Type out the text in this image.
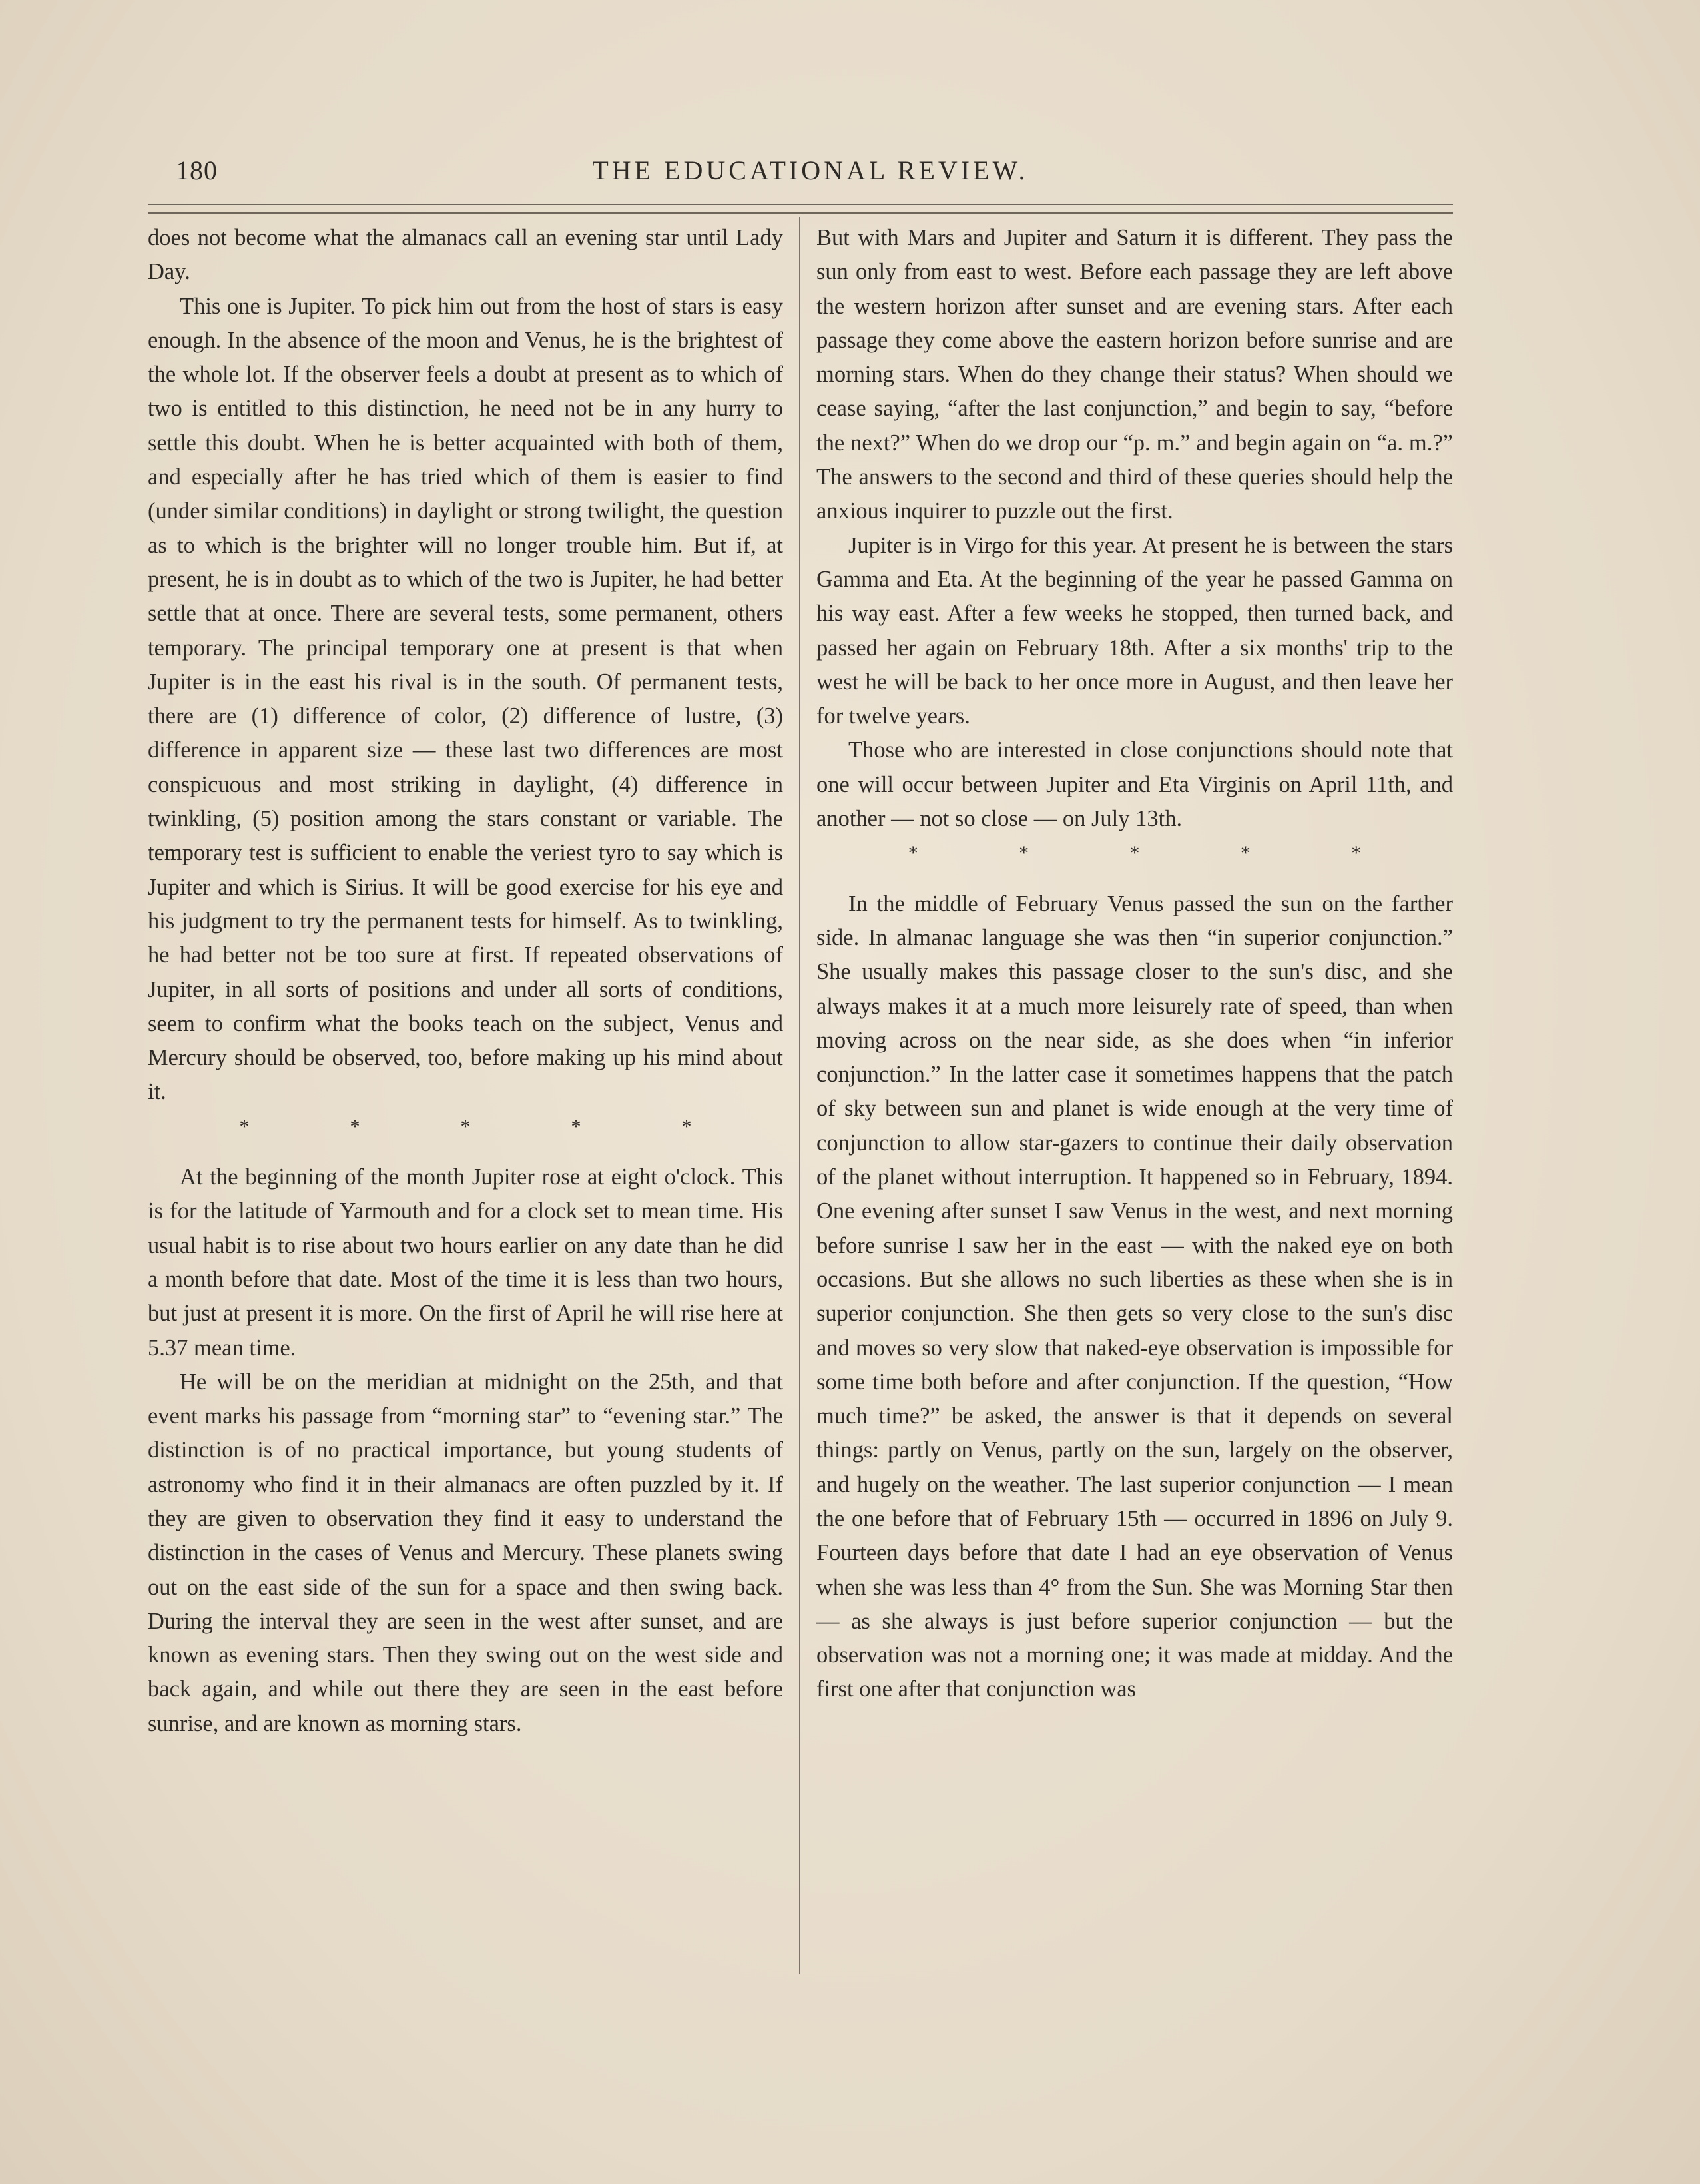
180	THE EDUCATIONAL REVIEW.

does not become what the almanacs call an evening star until Lady Day.

This one is Jupiter. To pick him out from the host of stars is easy enough. In the absence of the moon and Venus, he is the brightest of the whole lot. If the observer feels a doubt at present as to which of two is entitled to this distinction, he need not be in any hurry to settle this doubt. When he is better acquainted with both of them, and especially after he has tried which of them is easier to find (under similar conditions) in daylight or strong twilight, the question as to which is the brighter will no longer trouble him. But if, at present, he is in doubt as to which of the two is Jupiter, he had better settle that at once. There are several tests, some permanent, others temporary. The principal temporary one at present is that when Jupiter is in the east his rival is in the south. Of permanent tests, there are (1) difference of color, (2) difference of lustre, (3) difference in apparent size — these last two differences are most conspicuous and most striking in daylight, (4) difference in twinkling, (5) position among the stars constant or variable. The temporary test is sufficient to enable the veriest tyro to say which is Jupiter and which is Sirius. It will be good exercise for his eye and his judgment to try the permanent tests for himself. As to twinkling, he had better not be too sure at first. If repeated observations of Jupiter, in all sorts of positions and under all sorts of conditions, seem to confirm what the books teach on the subject, Venus and Mercury should be observed, too, before making up his mind about it.

*	*	*	*	*

At the beginning of the month Jupiter rose at eight o'clock. This is for the latitude of Yarmouth and for a clock set to mean time. His usual habit is to rise about two hours earlier on any date than he did a month before that date. Most of the time it is less than two hours, but just at present it is more. On the first of April he will rise here at 5.37 mean time.

He will be on the meridian at midnight on the 25th, and that event marks his passage from “morning star” to “evening star.” The distinction is of no practical importance, but young students of astronomy who find it in their almanacs are often puzzled by it. If they are given to observation they find it easy to understand the distinction in the cases of Venus and Mercury. These planets swing out on the east side of the sun for a space and then swing back. During the interval they are seen in the west after sunset, and are known as evening stars. Then they swing out on the west side and back again, and while out there they are seen in the east before sunrise, and are known as morning stars.

But with Mars and Jupiter and Saturn it is different. They pass the sun only from east to west. Before each passage they are left above the western horizon after sunset and are evening stars. After each passage they come above the eastern horizon before sunrise and are morning stars. When do they change their status? When should we cease saying, “after the last conjunction,” and begin to say, “before the next?” When do we drop our “p. m.” and begin again on “a. m.?” The answers to the second and third of these queries should help the anxious inquirer to puzzle out the first.

Jupiter is in Virgo for this year. At present he is between the stars Gamma and Eta. At the beginning of the year he passed Gamma on his way east. After a few weeks he stopped, then turned back, and passed her again on February 18th. After a six months' trip to the west he will be back to her once more in August, and then leave her for twelve years.

Those who are interested in close conjunctions should note that one will occur between Jupiter and Eta Virginis on April 11th, and another — not so close — on July 13th.

*	*	*	*	*

In the middle of February Venus passed the sun on the farther side. In almanac language she was then “in superior conjunction.” She usually makes this passage closer to the sun's disc, and she always makes it at a much more leisurely rate of speed, than when moving across on the near side, as she does when “in inferior conjunction.” In the latter case it sometimes happens that the patch of sky between sun and planet is wide enough at the very time of conjunction to allow star-gazers to continue their daily observation of the planet without interruption. It happened so in February, 1894. One evening after sunset I saw Venus in the west, and next morning before sunrise I saw her in the east — with the naked eye on both occasions. But she allows no such liberties as these when she is in superior conjunction. She then gets so very close to the sun's disc and moves so very slow that naked-eye observation is impossible for some time both before and after conjunction. If the question, “How much time?” be asked, the answer is that it depends on several things: partly on Venus, partly on the sun, largely on the observer, and hugely on the weather. The last superior conjunction — I mean the one before that of February 15th — occurred in 1896 on July 9. Fourteen days before that date I had an eye observation of Venus when she was less than 4° from the Sun. She was Morning Star then — as she always is just before superior conjunction — but the observation was not a morning one; it was made at midday. And the first one after that conjunction was
